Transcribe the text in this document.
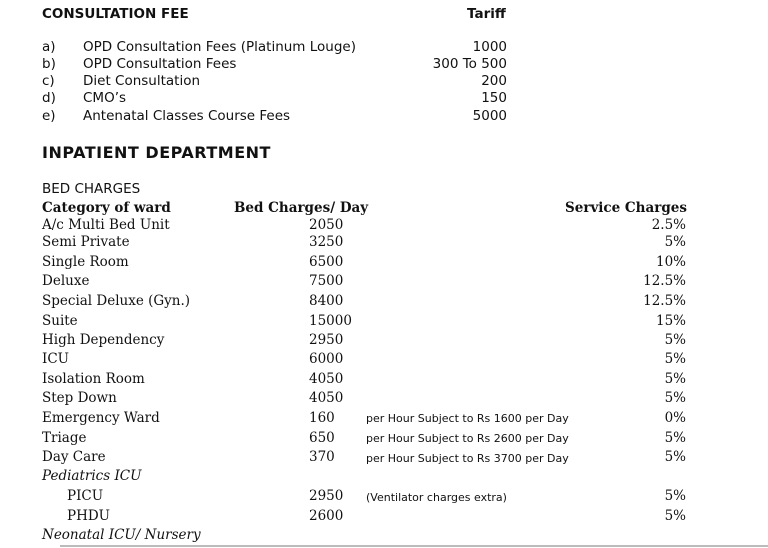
CONSULTATION FEE	Tariff
a) OPD Consultation Fees (Platinum Louge)	1000
b) OPD Consultation Fees	300 To 500
c) Diet Consultation	200
d) CMO’s	150
e) Antenatal Classes Course Fees	5000
INPATIENT DEPARTMENT
BED CHARGES
Category of ward	Bed Charges/ Day	Service Charges
A/c Multi Bed Unit	2050	2.5%
Semi Private	3250	5%
Single Room	6500	10%
Deluxe	7500	12.5%
Special Deluxe (Gyn.)	8400	12.5%
Suite	15000	15%
High Dependency	2950	5%
ICU	6000	5%
Isolation Room	4050	5%
Step Down	4050	5%
Emergency Ward	160	per Hour Subject to Rs 1600 per Day	0%
Triage	650	per Hour Subject to Rs 2600 per Day	5%
Day Care	370	per Hour Subject to Rs 3700 per Day	5%
Pediatrics ICU
PICU	2950 (Ventilator charges extra)	5%
PHDU	2600	5%
Neonatal ICU/ Nursery
